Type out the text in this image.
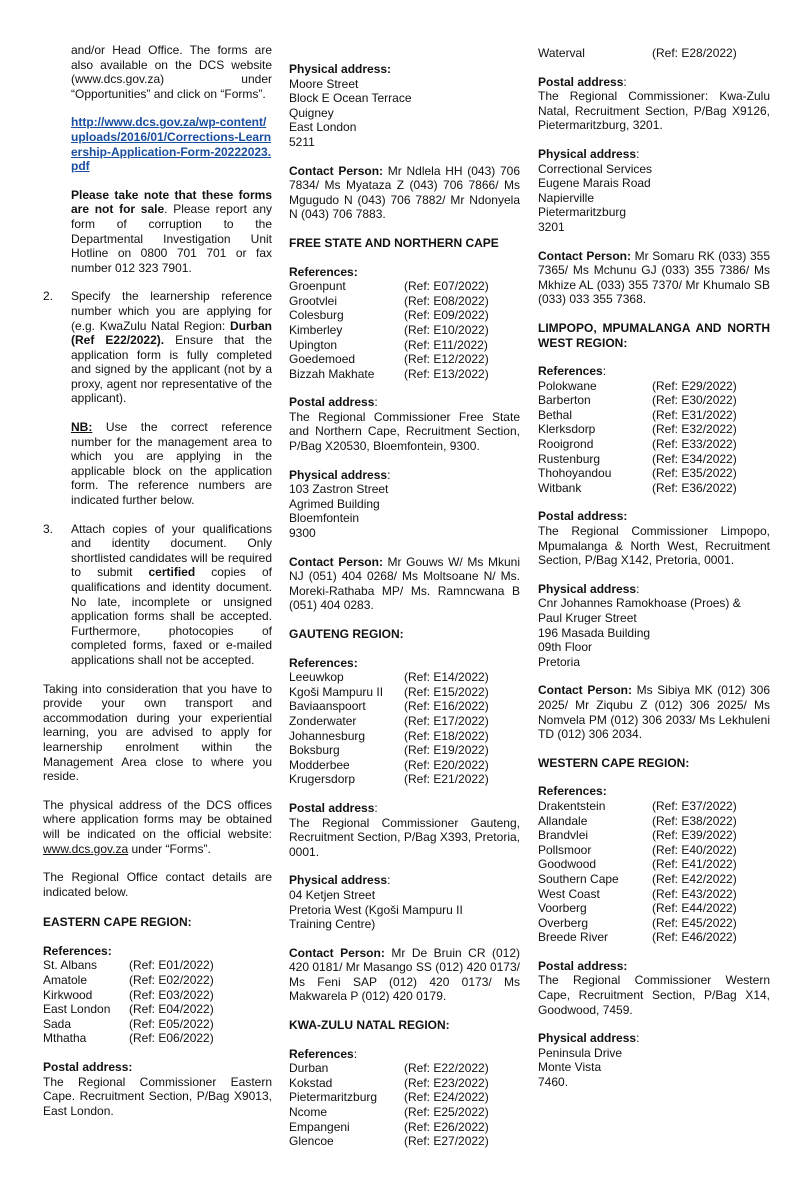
and/or Head Office. The forms are also available on the DCS website (www.dcs.gov.za) under “Opportunities” and click on “Forms”.

http://www.dcs.gov.za/wp-content/uploads/2016/01/Corrections-Learnership-Application-Form-20222023.pdf

Please take note that these forms are not for sale. Please report any form of corruption to the Departmental Investigation Unit Hotline on 0800 701 701 or fax number 012 323 7901.

2.	Specify the learnership reference number which you are applying for (e.g. KwaZulu Natal Region: Durban (Ref E22/2022). Ensure that the application form is fully completed and signed by the applicant (not by a proxy, agent nor representative of the applicant).

NB: Use the correct reference number for the management area to which you are applying in the applicable block on the application form. The reference numbers are indicated further below.

3.	Attach copies of your qualifications and identity document. Only shortlisted candidates will be required to submit certified copies of qualifications and identity document. No late, incomplete or unsigned application forms shall be accepted. Furthermore, photocopies of completed forms, faxed or e-mailed applications shall not be accepted.

Taking into consideration that you have to provide your own transport and accommodation during your experiential learning, you are advised to apply for learnership enrolment within the Management Area close to where you reside.

The physical address of the DCS offices where application forms may be obtained will be indicated on the official website: www.dcs.gov.za under “Forms”.

The Regional Office contact details are indicated below.

EASTERN CAPE REGION:

References:

St. Albans	(Ref: E01/2022)
Amatole	(Ref: E02/2022)
Kirkwood	(Ref: E03/2022)
East London	(Ref: E04/2022)
Sada	(Ref: E05/2022)
Mthatha	(Ref: E06/2022)

Postal address:

The Regional Commissioner Eastern Cape. Recruitment Section, P/Bag X9013, East London.

Physical address:

Moore Street

Block E Ocean Terrace

Quigney

East London

5211

Contact Person: Mr Ndlela HH (043) 706 7834/ Ms Myataza Z (043) 706 7866/ Ms Mgugudo N (043) 706 7882/ Mr Ndonyela N (043) 706 7883.

FREE STATE AND NORTHERN CAPE

References:

Groenpunt	(Ref: E07/2022)
Grootvlei	(Ref: E08/2022)
Colesburg	(Ref: E09/2022)
Kimberley	(Ref: E10/2022)
Upington	(Ref: E11/2022)
Goedemoed	(Ref: E12/2022)
Bizzah Makhate	(Ref: E13/2022)

Postal address:

The Regional Commissioner Free State and Northern Cape, Recruitment Section, P/Bag X20530, Bloemfontein, 9300.

Physical address:

103 Zastron Street

Agrimed Building

Bloemfontein

9300

Contact Person: Mr Gouws W/ Ms Mkuni NJ (051) 404 0268/ Ms Moltsoane N/ Ms. Moreki-Rathaba MP/ Ms. Ramncwana B (051) 404 0283.

GAUTENG REGION:

References:

Leeuwkop	(Ref: E14/2022)
Kgoši Mampuru II	(Ref: E15/2022)
Baviaanspoort	(Ref: E16/2022)
Zonderwater	(Ref: E17/2022)
Johannesburg	(Ref: E18/2022)
Boksburg	(Ref: E19/2022)
Modderbee	(Ref: E20/2022)
Krugersdorp	(Ref: E21/2022)

Postal address:

The Regional Commissioner Gauteng, Recruitment Section, P/Bag X393, Pretoria, 0001.

Physical address:

04 Ketjen Street

Pretoria West (Kgoši Mampuru II

Training Centre)

Contact Person: Mr De Bruin CR (012) 420 0181/ Mr Masango SS (012) 420 0173/ Ms Feni SAP (012) 420 0173/ Ms Makwarela P (012) 420 0179.

KWA-ZULU NATAL REGION:

References:

Durban	(Ref: E22/2022)
Kokstad	(Ref: E23/2022)
Pietermaritzburg	(Ref: E24/2022)
Ncome	(Ref: E25/2022)
Empangeni	(Ref: E26/2022)
Glencoe	(Ref: E27/2022)
Waterval	(Ref: E28/2022)

Postal address:

The Regional Commissioner: Kwa-Zulu Natal, Recruitment Section, P/Bag X9126, Pietermaritzburg, 3201.

Physical address:

Correctional Services

Eugene Marais Road

Napierville

Pietermaritzburg

3201

Contact Person: Mr Somaru RK (033) 355 7365/ Ms Mchunu GJ (033) 355 7386/ Ms Mkhize AL (033) 355 7370/ Mr Khumalo SB (033) 033 355 7368.

LIMPOPO, MPUMALANGA AND NORTH WEST REGION:

References:

Polokwane	(Ref: E29/2022)
Barberton	(Ref: E30/2022)
Bethal	(Ref: E31/2022)
Klerksdorp	(Ref: E32/2022)
Rooigrond	(Ref: E33/2022)
Rustenburg	(Ref: E34/2022)
Thohoyandou	(Ref: E35/2022)
Witbank	(Ref: E36/2022)

Postal address:

The Regional Commissioner Limpopo, Mpumalanga & North West, Recruitment Section, P/Bag X142, Pretoria, 0001.

Physical address:

Cnr Johannes Ramokhoase (Proes) &

Paul Kruger Street

196 Masada Building

09th Floor

Pretoria

Contact Person: Ms Sibiya MK (012) 306 2025/ Mr Ziqubu Z (012) 306 2025/ Ms Nomvela PM (012) 306 2033/ Ms Lekhuleni TD (012) 306 2034.

WESTERN CAPE REGION:

References:

Drakentstein	(Ref: E37/2022)
Allandale	(Ref: E38/2022)
Brandvlei	(Ref: E39/2022)
Pollsmoor	(Ref: E40/2022)
Goodwood	(Ref: E41/2022)
Southern Cape	(Ref: E42/2022)
West Coast	(Ref: E43/2022)
Voorberg	(Ref: E44/2022)
Overberg	(Ref: E45/2022)
Breede River	(Ref: E46/2022)

Postal address:

The Regional Commissioner Western Cape, Recruitment Section, P/Bag X14, Goodwood, 7459.

Physical address:

Peninsula Drive

Monte Vista

7460.
